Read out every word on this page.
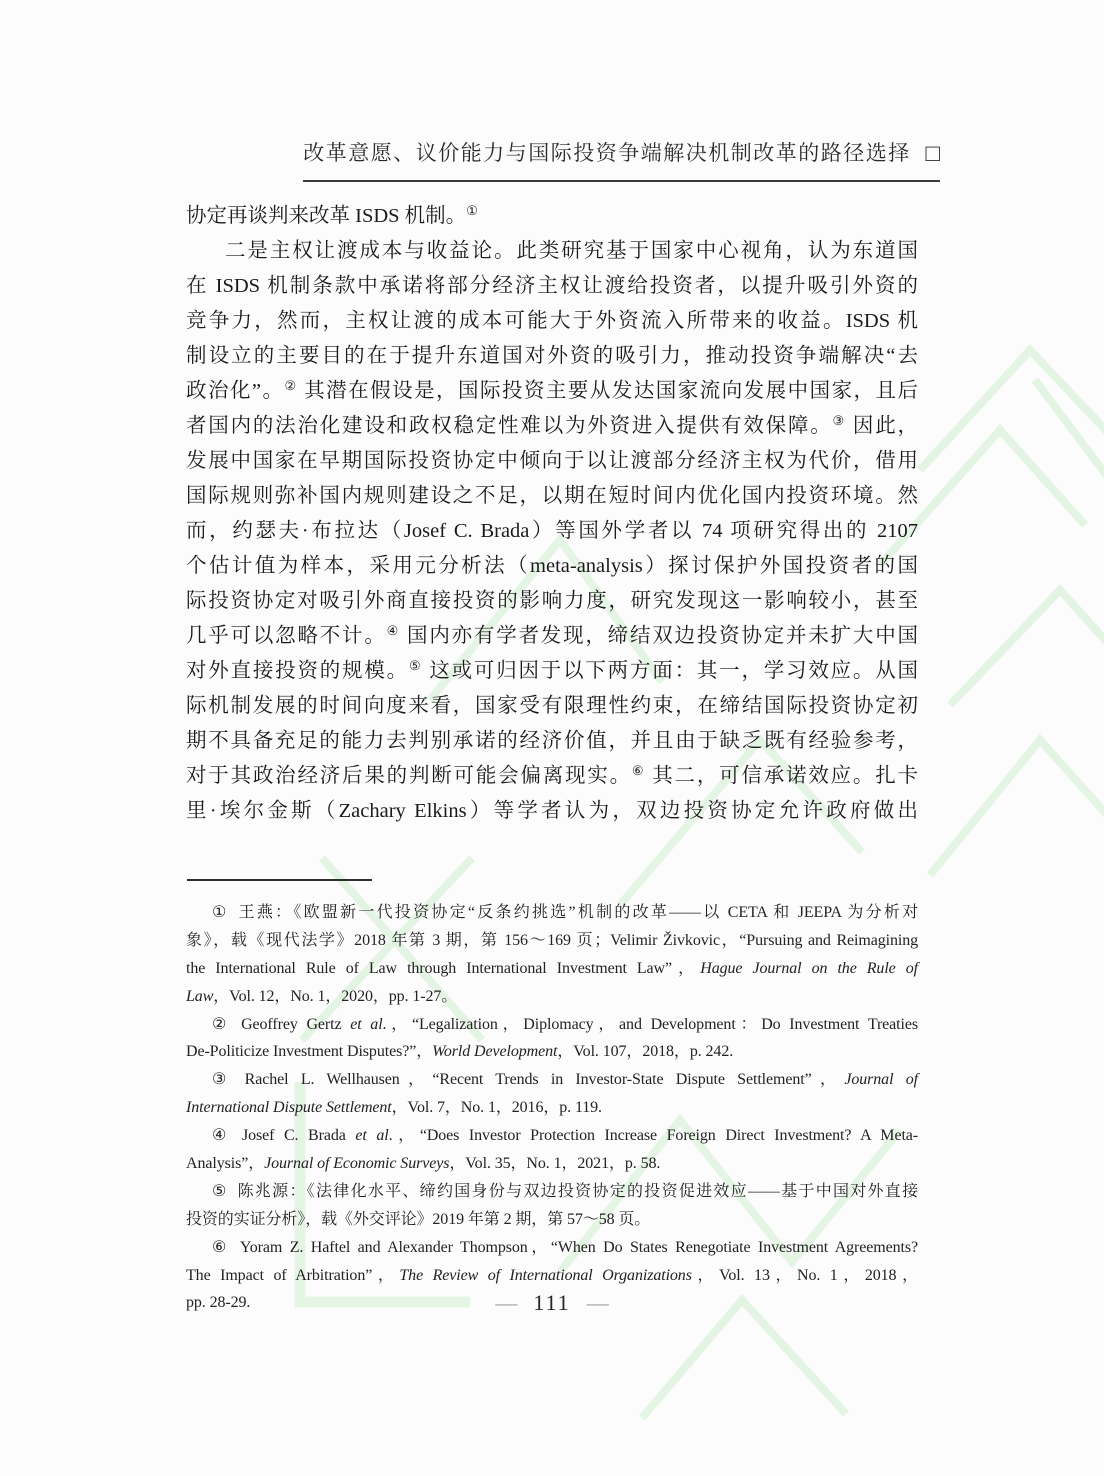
改革意愿、议价能力与国际投资争端解决机制改革的路径选择 □
协定再谈判来改革 ISDS 机制。①
二是主权让渡成本与收益论。此类研究基于国家中心视角，认为东道国
在 ISDS 机制条款中承诺将部分经济主权让渡给投资者，以提升吸引外资的
竞争力，然而，主权让渡的成本可能大于外资流入所带来的收益。ISDS 机
制设立的主要目的在于提升东道国对外资的吸引力，推动投资争端解决“去
政治化”。② 其潜在假设是，国际投资主要从发达国家流向发展中国家，且后
者国内的法治化建设和政权稳定性难以为外资进入提供有效保障。③ 因此，
发展中国家在早期国际投资协定中倾向于以让渡部分经济主权为代价，借用
国际规则弥补国内规则建设之不足，以期在短时间内优化国内投资环境。然
而，约瑟夫·布拉达（Josef C. Brada）等国外学者以 74 项研究得出的 2107
个估计值为样本，采用元分析法（meta-analysis）探讨保护外国投资者的国
际投资协定对吸引外商直接投资的影响力度，研究发现这一影响较小，甚至
几乎可以忽略不计。④ 国内亦有学者发现，缔结双边投资协定并未扩大中国
对外直接投资的规模。⑤ 这或可归因于以下两方面：其一，学习效应。从国
际机制发展的时间向度来看，国家受有限理性约束，在缔结国际投资协定初
期不具备充足的能力去判别承诺的经济价值，并且由于缺乏既有经验参考，
对于其政治经济后果的判断可能会偏离现实。⑥ 其二，可信承诺效应。扎卡
里·埃尔金斯（Zachary Elkins）等学者认为，双边投资协定允许政府做出
① 王燕：《欧盟新一代投资协定“反条约挑选”机制的改革——以 CETA 和 JEEPA 为分析对
象》，载《现代法学》2018 年第 3 期，第 156～169 页；Velimir Živkovic，“Pursuing and Reimagining
the International Rule of Law through International Investment Law”，Hague Journal on the Rule of
Law，Vol. 12，No. 1，2020，pp. 1-27。
② Geoffrey Gertz et al.，“Legalization，Diplomacy，and Development：Do Investment Treaties
De-Politicize Investment Disputes?”，World Development，Vol. 107，2018，p. 242.
③ Rachel L. Wellhausen，“Recent Trends in Investor-State Dispute Settlement”，Journal of
International Dispute Settlement，Vol. 7，No. 1，2016，p. 119.
④ Josef C. Brada et al.，“Does Investor Protection Increase Foreign Direct Investment? A Meta-
Analysis”，Journal of Economic Surveys，Vol. 35，No. 1，2021，p. 58.
⑤ 陈兆源：《法律化水平、缔约国身份与双边投资协定的投资促进效应——基于中国对外直接
投资的实证分析》，载《外交评论》2019 年第 2 期，第 57～58 页。
⑥ Yoram Z. Haftel and Alexander Thompson，“When Do States Renegotiate Investment Agreements?
The Impact of Arbitration”，The Review of International Organizations，Vol. 13，No. 1，2018，
pp. 28-29.	— 111 —
